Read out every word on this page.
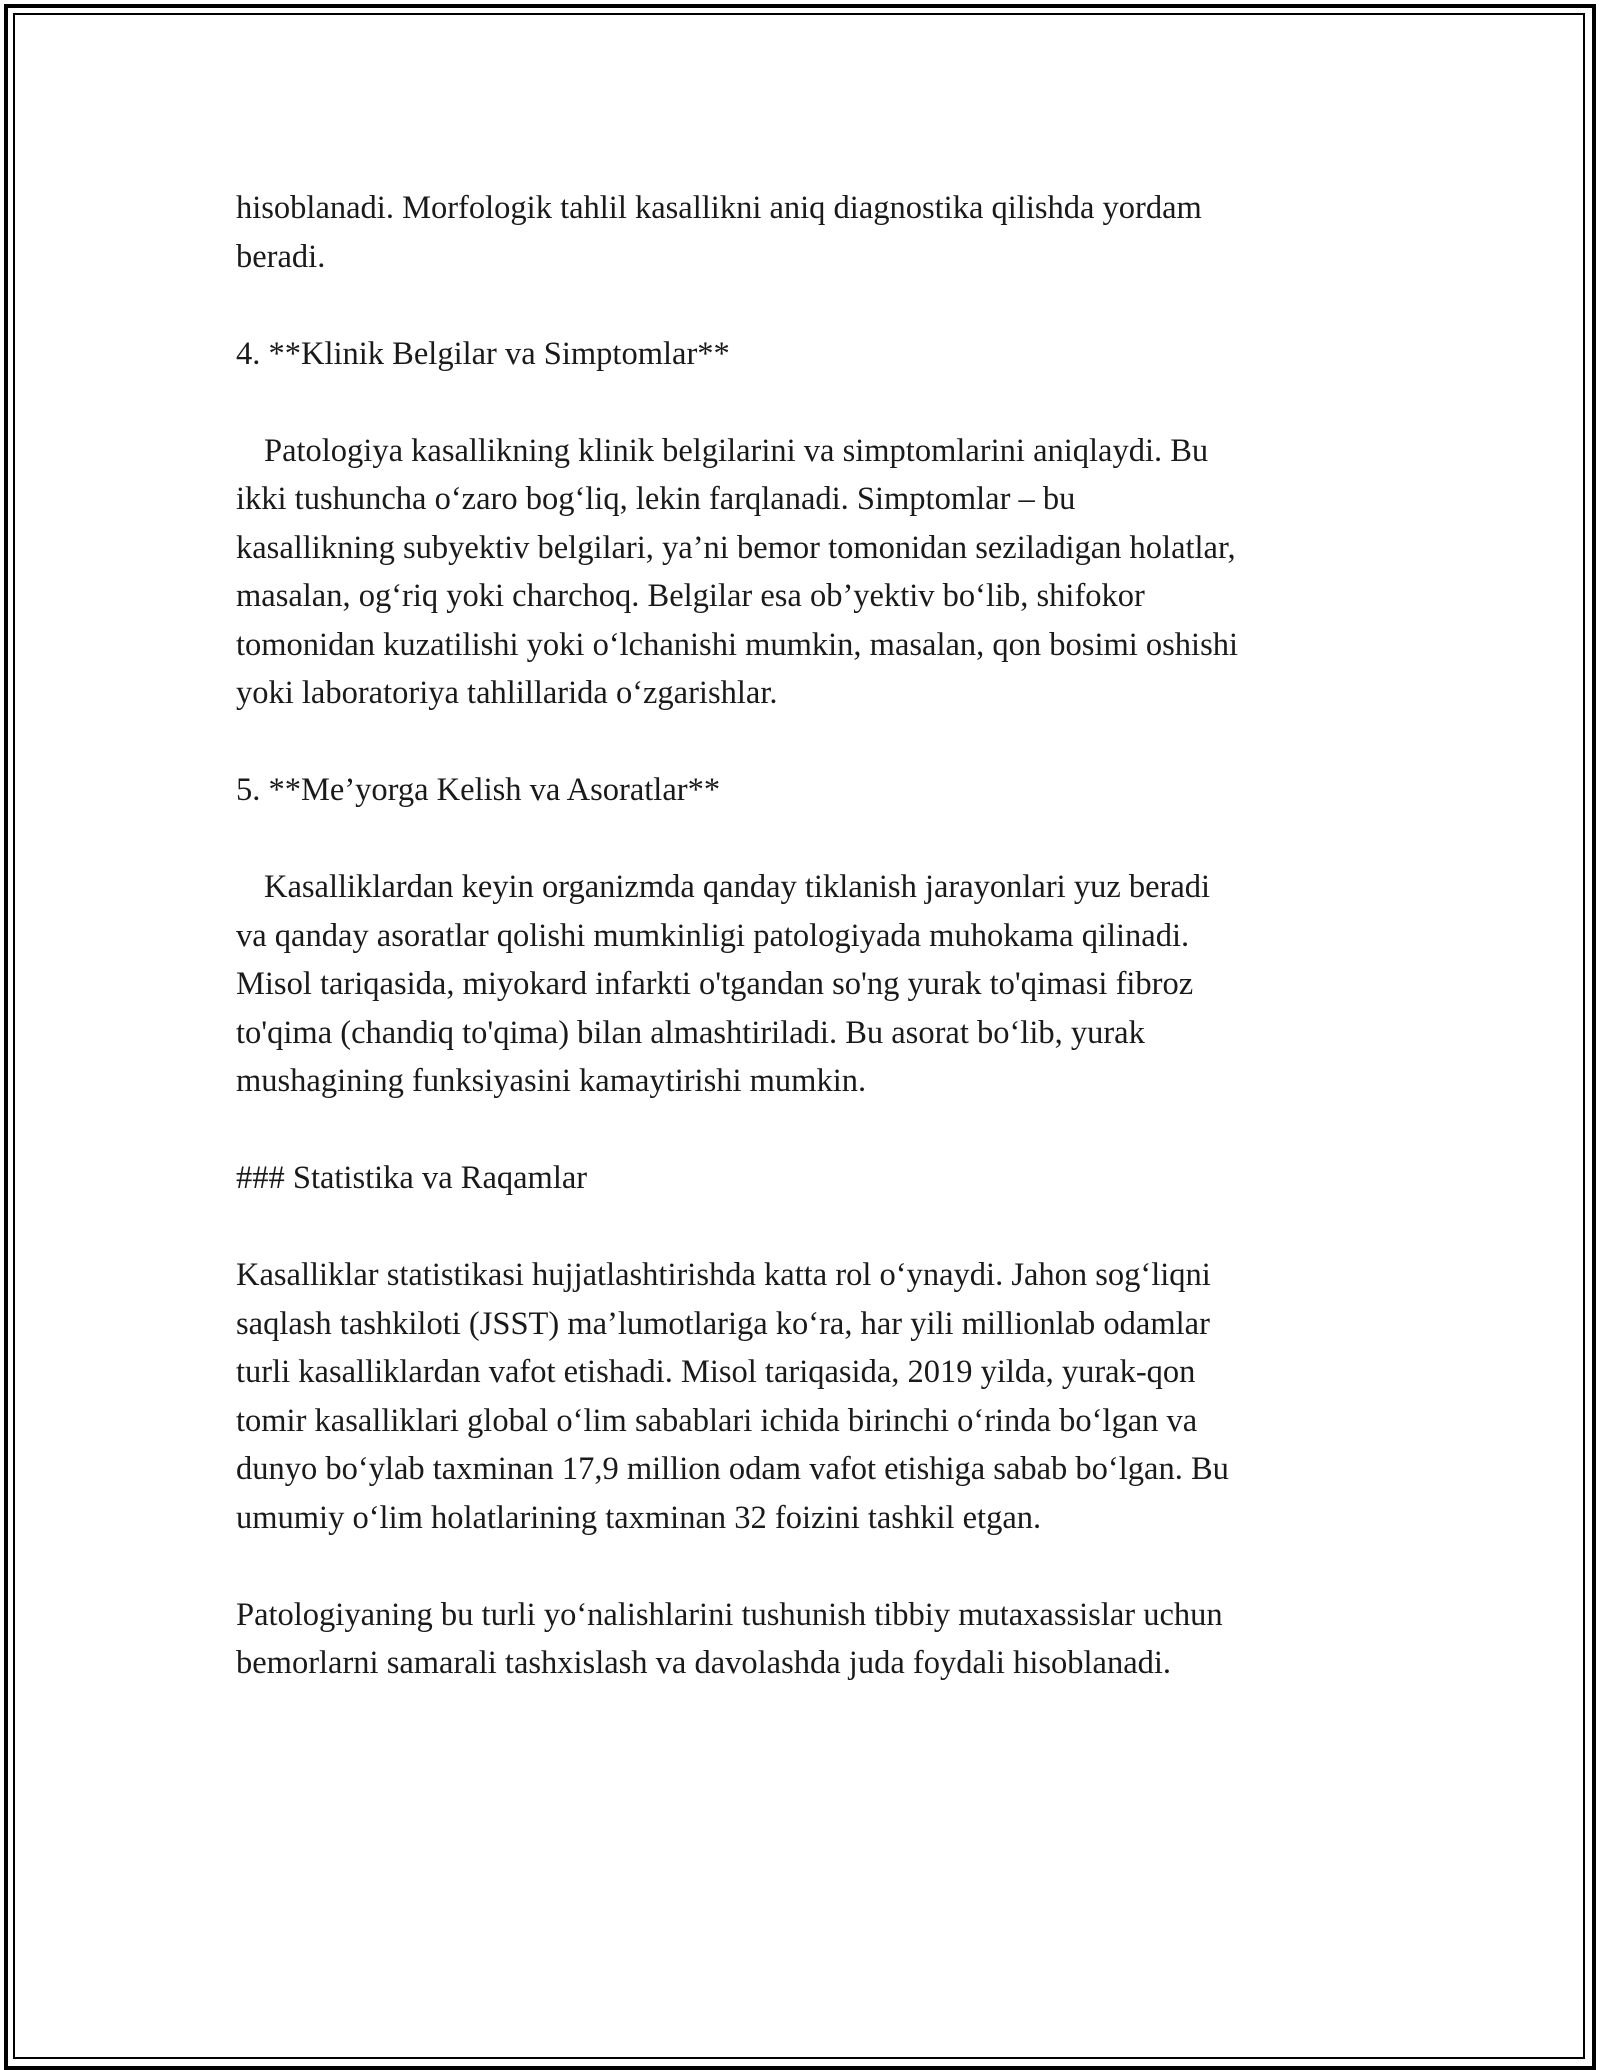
hisoblanadi. Morfologik tahlil kasallikni aniq diagnostika qilishda yordam
beradi.

4. **Klinik Belgilar va Simptomlar**

Patologiya kasallikning klinik belgilarini va simptomlarini aniqlaydi. Bu
ikki tushuncha o‘zaro bog‘liq, lekin farqlanadi. Simptomlar – bu
kasallikning subyektiv belgilari, ya’ni bemor tomonidan seziladigan holatlar,
masalan, og‘riq yoki charchoq. Belgilar esa ob’yektiv bo‘lib, shifokor
tomonidan kuzatilishi yoki o‘lchanishi mumkin, masalan, qon bosimi oshishi
yoki laboratoriya tahlillarida o‘zgarishlar.

5. **Me’yorga Kelish va Asoratlar**

Kasalliklardan keyin organizmda qanday tiklanish jarayonlari yuz beradi
va qanday asoratlar qolishi mumkinligi patologiyada muhokama qilinadi.
Misol tariqasida, miyokard infarkti o'tgandan so'ng yurak to'qimasi fibroz
to'qima (chandiq to'qima) bilan almashtiriladi. Bu asorat bo‘lib, yurak
mushagining funksiyasini kamaytirishi mumkin.

### Statistika va Raqamlar

Kasalliklar statistikasi hujjatlashtirishda katta rol o‘ynaydi. Jahon sog‘liqni
saqlash tashkiloti (JSST) ma’lumotlariga ko‘ra, har yili millionlab odamlar
turli kasalliklardan vafot etishadi. Misol tariqasida, 2019 yilda, yurak-qon
tomir kasalliklari global o‘lim sabablari ichida birinchi o‘rinda bo‘lgan va
dunyo bo‘ylab taxminan 17,9 million odam vafot etishiga sabab bo‘lgan. Bu
umumiy o‘lim holatlarining taxminan 32 foizini tashkil etgan.

Patologiyaning bu turli yo‘nalishlarini tushunish tibbiy mutaxassislar uchun
bemorlarni samarali tashxislash va davolashda juda foydali hisoblanadi.
